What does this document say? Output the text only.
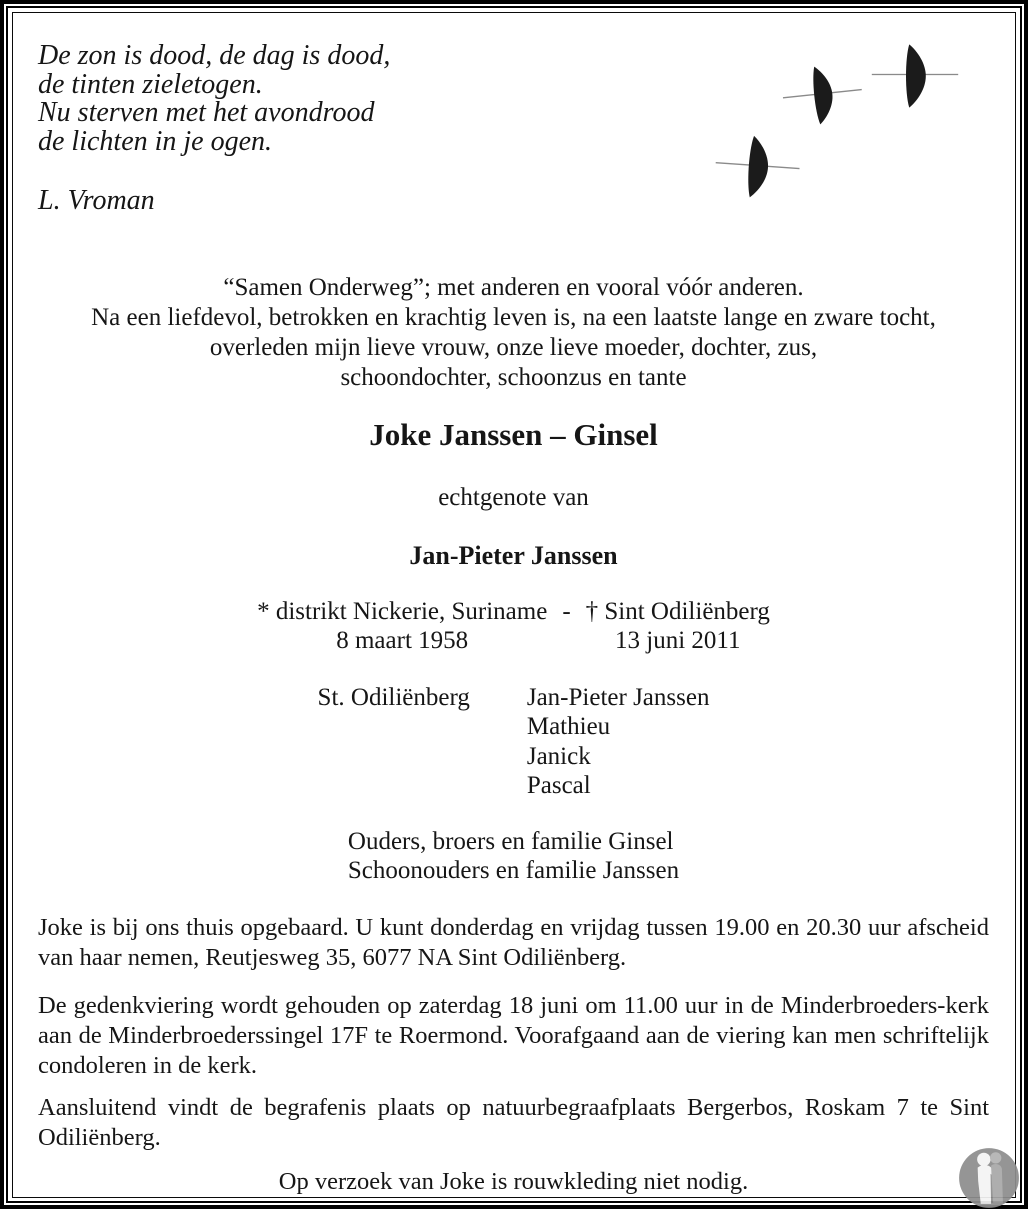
De zon is dood, de dag is dood,
de tinten zieletogen.
Nu sterven met het avondrood
de lichten in je ogen.
L. Vroman
“Samen Onderweg”; met anderen en vooral vóór anderen.
Na een liefdevol, betrokken en krachtig leven is, na een laatste lange en zware tocht,
overleden mijn lieve vrouw, onze lieve moeder, dochter, zus,
schoondochter, schoonzus en tante
Joke Janssen – Ginsel
echtgenote van
Jan-Pieter Janssen
* distrikt Nickerie, Suriname
8 maart 1958
- † Sint Odiliënberg
13 juni 2011
St. Odiliënberg Jan-Pieter Janssen
Mathieu
Janick
Pascal
Ouders, broers en familie Ginsel
Schoonouders en familie Janssen
Joke is bij ons thuis opgebaard. U kunt donderdag en vrijdag tussen 19.00 en 20.30 uur afscheid van haar nemen, Reutjesweg 35, 6077 NA Sint Odiliënberg.
De gedenkviering wordt gehouden op zaterdag 18 juni om 11.00 uur in de Minderbroeders-kerk aan de Minderbroederssingel 17F te Roermond. Voorafgaand aan de viering kan men schriftelijk condoleren in de kerk.
Aansluitend vindt de begrafenis plaats op natuurbegraafplaats Bergerbos, Roskam 7 te Sint Odiliënberg.
Op verzoek van Joke is rouwkleding niet nodig.
